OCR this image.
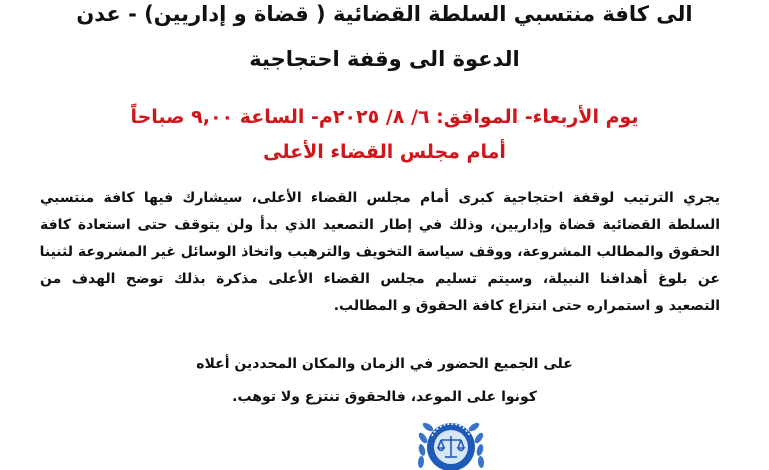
الى كافة منتسبي السلطة القضائية ( قضاة و إداريين) - عدن
الدعوة الى وقفة احتجاجية
يوم الأربعاء- الموافق: ٦/ ٨/ ٢٠٢٥م- الساعة ٩,٠٠ صباحاً
أمام مجلس القضاء الأعلى
يجري الترتيب لوقفة احتجاجية كبرى أمام مجلس القضاء الأعلى، سيشارك فيها كافة منتسبي
السلطة القضائية قضاة وإداريين، وذلك في إطار التصعيد الذي بدأ ولن يتوقف حتى استعادة كافة
الحقوق والمطالب المشروعة، ووقف سياسة التخويف والترهيب واتخاذ الوسائل غير المشروعة لثنينا
عن بلوغ أهدافنا النبيلة، وسيتم تسليم مجلس القضاء الأعلى مذكرة بذلك توضح الهدف من
التصعيد و استمراره حتى انتزاع كافة الحقوق و المطالب.
على الجميع الحضور في الزمان والمكان المحددين أعلاه
كونوا على الموعد، فالحقوق تنتزع ولا توهب.
